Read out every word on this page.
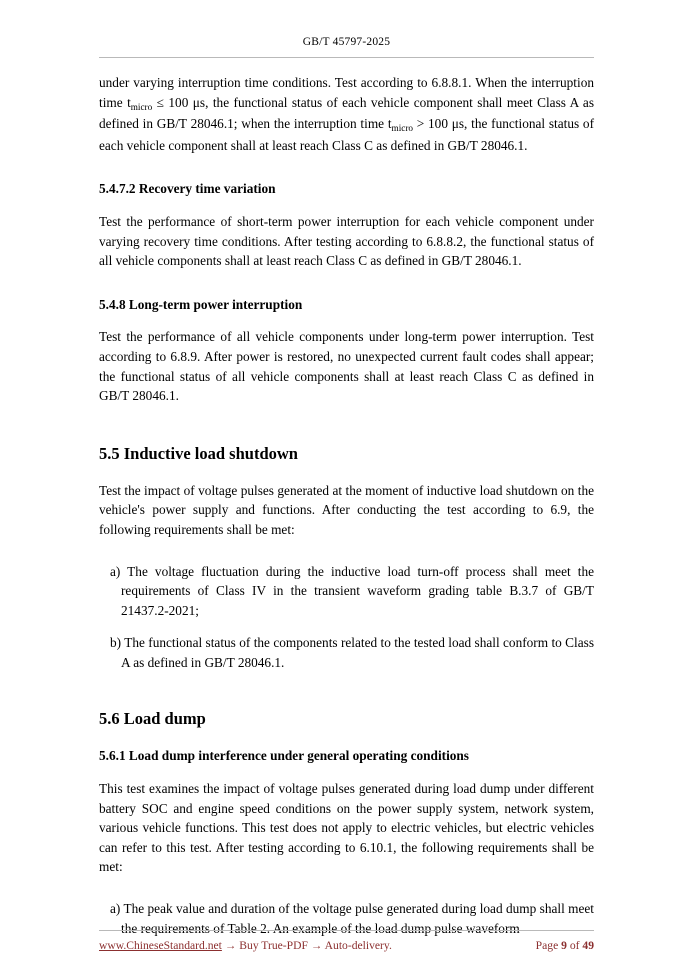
GB/T 45797-2025

under varying interruption time conditions. Test according to 6.8.8.1. When the interruption time $t_{micro} \le 100$ μs, the functional status of each vehicle component shall meet Class A as defined in GB/T 28046.1; when the interruption time $t_{micro} > 100$ μs, the functional status of each vehicle component shall at least reach Class C as defined in GB/T 28046.1.

5.4.7.2 Recovery time variation

Test the performance of short-term power interruption for each vehicle component under varying recovery time conditions. After testing according to 6.8.8.2, the functional status of all vehicle components shall at least reach Class C as defined in GB/T 28046.1.

5.4.8 Long-term power interruption

Test the performance of all vehicle components under long-term power interruption. Test according to 6.8.9. After power is restored, no unexpected current fault codes shall appear; the functional status of all vehicle components shall at least reach Class C as defined in GB/T 28046.1.

5.5 Inductive load shutdown

Test the impact of voltage pulses generated at the moment of inductive load shutdown on the vehicle's power supply and functions. After conducting the test according to 6.9, the following requirements shall be met:

a) The voltage fluctuation during the inductive load turn-off process shall meet the requirements of Class IV in the transient waveform grading table B.3.7 of GB/T 21437.2-2021;
b) The functional status of the components related to the tested load shall conform to Class A as defined in GB/T 28046.1.
5.6 Load dump
5.6.1 Load dump interference under general operating conditions

This test examines the impact of voltage pulses generated during load dump under different battery SOC and engine speed conditions on the power supply system, network system, various vehicle functions. This test does not apply to electric vehicles, but electric vehicles can refer to this test. After testing according to 6.10.1, the following requirements shall be met:

a) The peak value and duration of the voltage pulse generated during load dump shall meet the requirements of Table 2. An example of the load dump pulse waveform
www.ChineseStandard.net → Buy True-PDF → Auto-delivery.	Page 9 of 49
